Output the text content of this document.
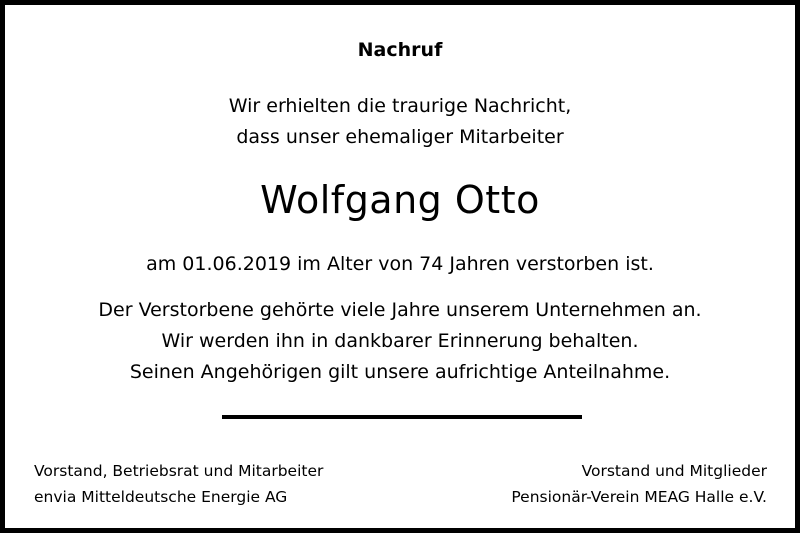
Nachruf
Wir erhielten die traurige Nachricht,
dass unser ehemaliger Mitarbeiter
Wolfgang Otto
am 01.06.2019 im Alter von 74 Jahren verstorben ist.
Der Verstorbene gehörte viele Jahre unserem Unternehmen an.
Wir werden ihn in dankbarer Erinnerung behalten.
Seinen Angehörigen gilt unsere aufrichtige Anteilnahme.
Vorstand, Betriebsrat und Mitarbeiter
envia Mitteldeutsche Energie AG
Vorstand und Mitglieder
Pensionär-Verein MEAG Halle e.V.
